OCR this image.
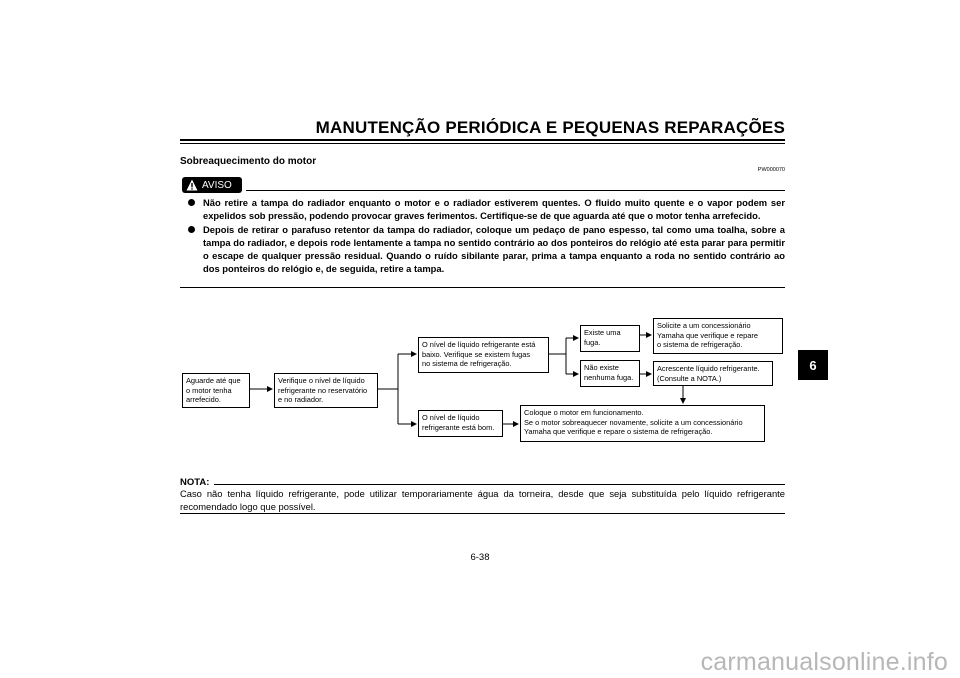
MANUTENÇÃO PERIÓDICA E PEQUENAS REPARAÇÕES
6
Sobreaquecimento do motor
PW000070
AVISO
Não retire a tampa do radiador enquanto o motor e o radiador estiverem quentes. O fluido muito quente e o vapor podem ser expelidos sob pressão, podendo provocar graves ferimentos. Certifique-se de que aguarda até que o motor tenha arrefecido.
Depois de retirar o parafuso retentor da tampa do radiador, coloque um pedaço de pano espesso, tal como uma toalha, sobre a tampa do radiador, e depois rode lentamente a tampa no sentido contrário ao dos ponteiros do relógio até esta parar para permitir o escape de qualquer pressão residual. Quando o ruído sibilante parar, prima a tampa enquanto a roda no sentido contrário ao dos ponteiros do relógio e, de seguida, retire a tampa.
Aguarde até que
o motor tenha
arrefecido.
Verifique o nível de líquido
refrigerante no reservatório
e no radiador.
O nível de líquido refrigerante está
baixo. Verifique se existem fugas
no sistema de refrigeração.
O nível de líquido
refrigerante está bom.
Existe uma
fuga.
Não existe
nenhuma fuga.
Solicite a um concessionário
Yamaha que verifique e repare
o sistema de refrigeração.
Acrescente líquido refrigerante.
(Consulte a NOTA.)
Coloque o motor em funcionamento.
Se o motor sobreaquecer novamente, solicite a um concessionário
Yamaha que verifique e repare o sistema de refrigeração.
NOTA:
Caso não tenha líquido refrigerante, pode utilizar temporariamente água da torneira, desde que seja substituída pelo líquido refrigerante recomendado logo que possível.
6-38
carmanualsonline.info
